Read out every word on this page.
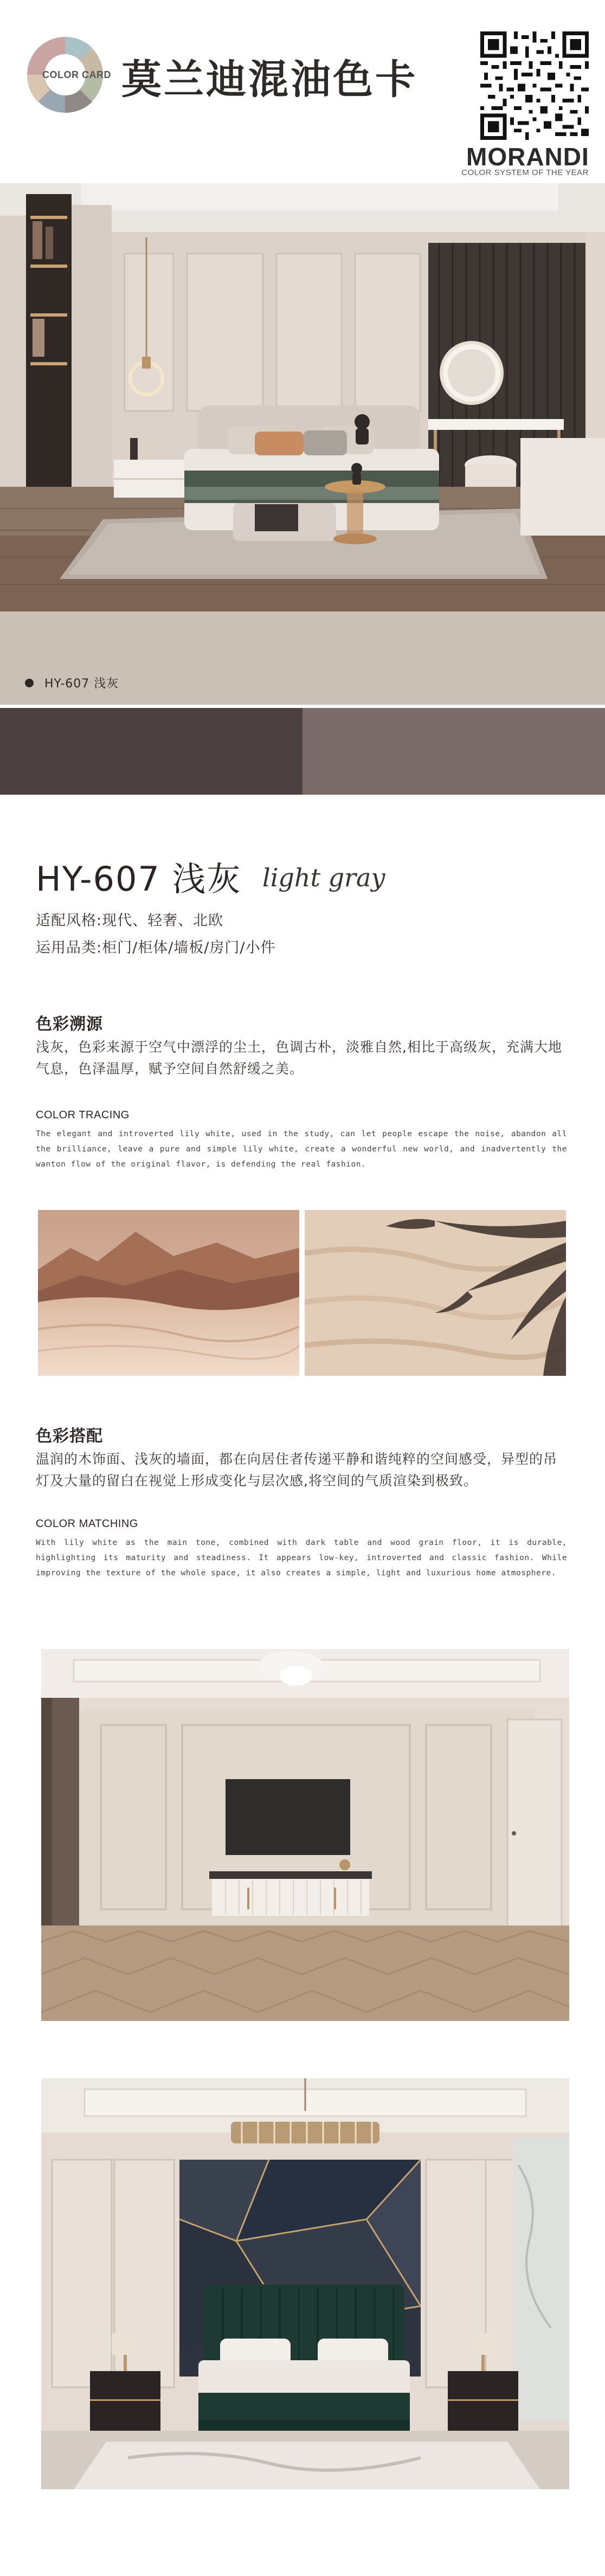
COLOR CARD 莫兰迪混油色卡
MORANDI
COLOR SYSTEM OF THE YEAR
HY-607 浅灰
HY-607 浅灰 light gray
适配风格:现代、轻奢、北欧
运用品类:柜门/柜体/墙板/房门/小件
色彩溯源
浅灰，色彩来源于空气中漂浮的尘土，色调古朴，淡雅自然,相比于高级灰，充满大地气息，色泽温厚，赋予空间自然舒缓之美。
COLOR TRACING
The elegant and introverted lily white, used in the study, can let people escape the noise, abandon all the brilliance, leave a pure and simple lily white, create a wonderful new world, and inadvertently the wanton flow of the original flavor, is defending the real fashion.
色彩搭配
温润的木饰面、浅灰的墙面，都在向居住者传递平静和谐纯粹的空间感受，异型的吊灯及大量的留白在视觉上形成变化与层次感,将空间的气质渲染到极致。
COLOR MATCHING
With lily white as the main tone, combined with dark table and wood grain floor, it is durable, highlighting its maturity and steadiness. It appears low-key, introverted and classic fashion. While improving the texture of the whole space, it also creates a simple, light and luxurious home atmosphere.
